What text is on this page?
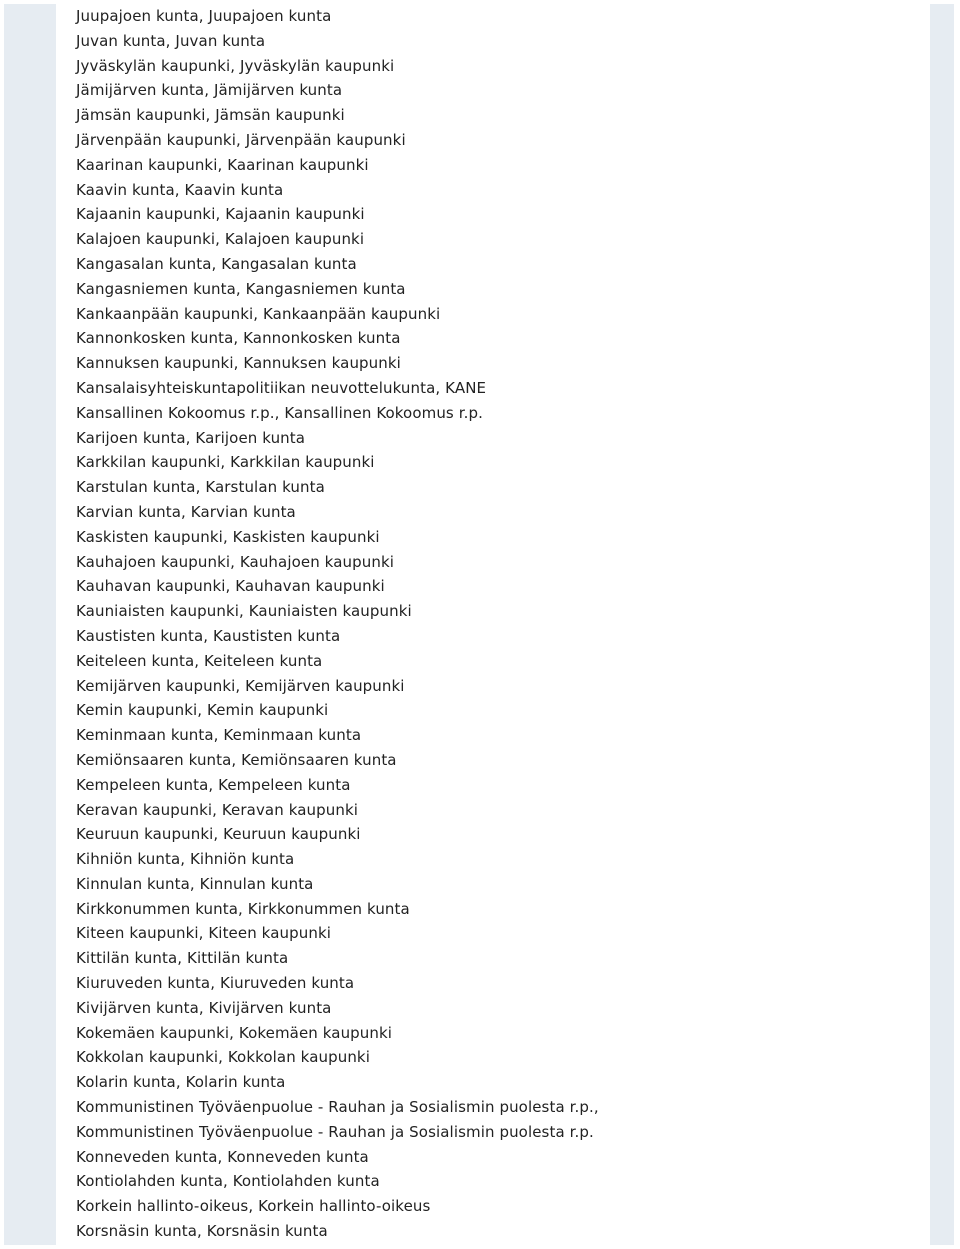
Juupajoen kunta, Juupajoen kunta
Juvan kunta, Juvan kunta
Jyväskylän kaupunki, Jyväskylän kaupunki
Jämijärven kunta, Jämijärven kunta
Jämsän kaupunki, Jämsän kaupunki
Järvenpään kaupunki, Järvenpään kaupunki
Kaarinan kaupunki, Kaarinan kaupunki
Kaavin kunta, Kaavin kunta
Kajaanin kaupunki, Kajaanin kaupunki
Kalajoen kaupunki, Kalajoen kaupunki
Kangasalan kunta, Kangasalan kunta
Kangasniemen kunta, Kangasniemen kunta
Kankaanpään kaupunki, Kankaanpään kaupunki
Kannonkosken kunta, Kannonkosken kunta
Kannuksen kaupunki, Kannuksen kaupunki
Kansalaisyhteiskuntapolitiikan neuvottelukunta, KANE
Kansallinen Kokoomus r.p., Kansallinen Kokoomus r.p.
Karijoen kunta, Karijoen kunta
Karkkilan kaupunki, Karkkilan kaupunki
Karstulan kunta, Karstulan kunta
Karvian kunta, Karvian kunta
Kaskisten kaupunki, Kaskisten kaupunki
Kauhajoen kaupunki, Kauhajoen kaupunki
Kauhavan kaupunki, Kauhavan kaupunki
Kauniaisten kaupunki, Kauniaisten kaupunki
Kaustisten kunta, Kaustisten kunta
Keiteleen kunta, Keiteleen kunta
Kemijärven kaupunki, Kemijärven kaupunki
Kemin kaupunki, Kemin kaupunki
Keminmaan kunta, Keminmaan kunta
Kemiönsaaren kunta, Kemiönsaaren kunta
Kempeleen kunta, Kempeleen kunta
Keravan kaupunki, Keravan kaupunki
Keuruun kaupunki, Keuruun kaupunki
Kihniön kunta, Kihniön kunta
Kinnulan kunta, Kinnulan kunta
Kirkkonummen kunta, Kirkkonummen kunta
Kiteen kaupunki, Kiteen kaupunki
Kittilän kunta, Kittilän kunta
Kiuruveden kunta, Kiuruveden kunta
Kivijärven kunta, Kivijärven kunta
Kokemäen kaupunki, Kokemäen kaupunki
Kokkolan kaupunki, Kokkolan kaupunki
Kolarin kunta, Kolarin kunta
Kommunistinen Työväenpuolue - Rauhan ja Sosialismin puolesta r.p.,
Kommunistinen Työväenpuolue - Rauhan ja Sosialismin puolesta r.p.
Konneveden kunta, Konneveden kunta
Kontiolahden kunta, Kontiolahden kunta
Korkein hallinto-oikeus, Korkein hallinto-oikeus
Korsnäsin kunta, Korsnäsin kunta
